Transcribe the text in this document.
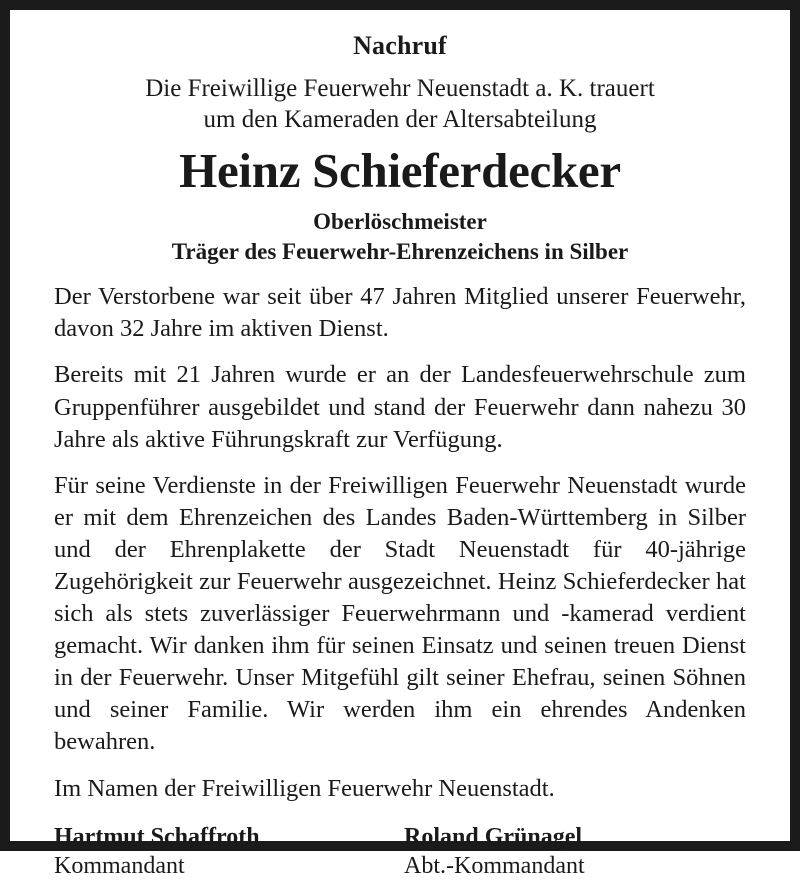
Nachruf
Die Freiwillige Feuerwehr Neuenstadt a. K. trauert
um den Kameraden der Altersabteilung
Heinz Schieferdecker
Oberlöschmeister
Träger des Feuerwehr-Ehrenzeichens in Silber

Der Verstorbene war seit über 47 Jahren Mitglied unserer Feuerwehr, davon 32 Jahre im aktiven Dienst.

Bereits mit 21 Jahren wurde er an der Landesfeuerwehrschule zum Gruppenführer ausgebildet und stand der Feuerwehr dann nahezu 30 Jahre als aktive Führungskraft zur Verfügung.

Für seine Verdienste in der Freiwilligen Feuerwehr Neuenstadt wurde er mit dem Ehrenzeichen des Landes Baden-Württemberg in Silber und der Ehrenplakette der Stadt Neuenstadt für 40-jährige Zugehörigkeit zur Feuerwehr ausgezeichnet. Heinz Schieferdecker hat sich als stets zuverlässiger Feuerwehrmann und -kamerad verdient gemacht. Wir danken ihm für seinen Einsatz und seinen treuen Dienst in der Feuerwehr. Unser Mitgefühl gilt seiner Ehefrau, seinen Söhnen und seiner Familie. Wir werden ihm ein ehrendes Andenken bewahren.

Im Namen der Freiwilligen Feuerwehr Neuenstadt.

Hartmut Schaffroth
Kommandant
Roland Grünagel
Abt.-Kommandant
